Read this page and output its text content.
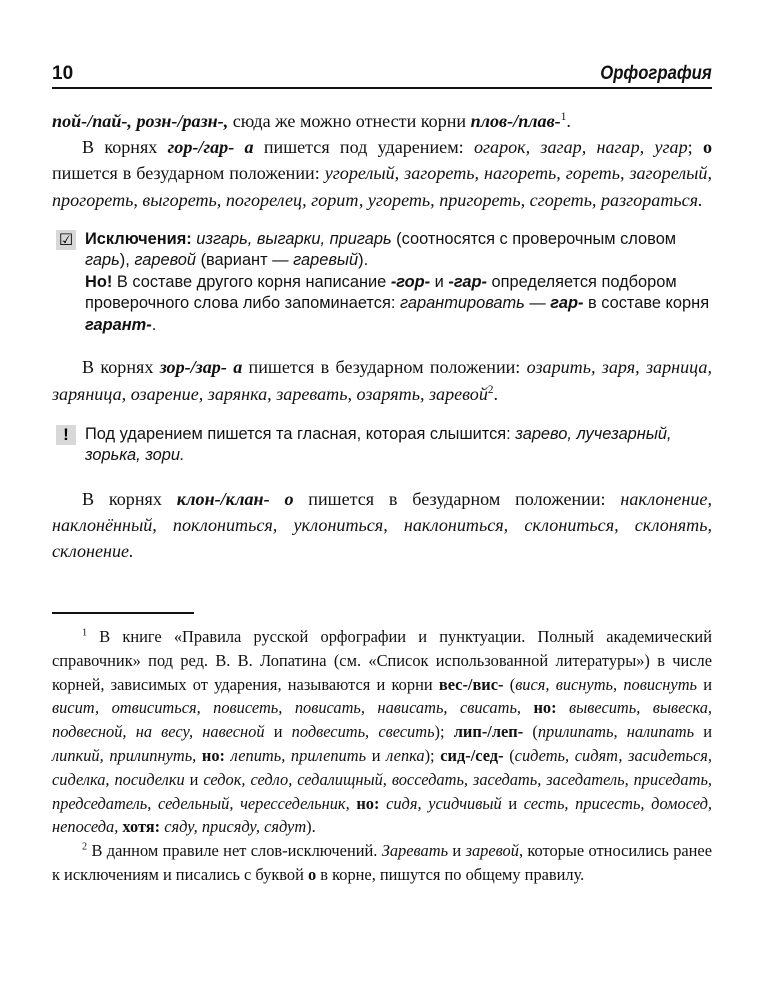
10	Орфография

пой-/пай-, розн-/разн-, сюда же можно отнести корни плов-/плав-$^1$.

В корнях гор-/гар- а пишется под ударением: огарок, загар, нагар, угар; о пишется в безударном положении: угорелый, загореть, нагореть, гореть, загорелый, прогореть, выгореть, погорелец, горит, угореть, пригореть, сгореть, разгораться.

☑ Исключения: изгарь, выгарки, пригарь (соотносятся с проверочным словом гарь), гаревой (вариант — гаревый).
Но! В составе другого корня написание -гор- и -гар- определяется подбором проверочного слова либо запоминается: гарантировать — гар- в составе корня гарант-.

В корнях зор-/зар- а пишется в безударном положении: озарить, заря, зарница, заряница, озарение, зарянка, заревать, озарять, заревой$^2$.

! Под ударением пишется та гласная, которая слышится: зарево, лучезарный, зорька, зори.

В корнях клон-/клан- о пишется в безударном положении: наклонение, наклонённый, поклониться, уклониться, наклониться, склониться, склонять, склонение.

$^1$ В книге «Правила русской орфографии и пунктуации. Полный академический справочник» под ред. В. В. Лопатина (см. «Список использованной литературы») в числе корней, зависимых от ударения, называются и корни вес-/вис- (вися, виснуть, повиснуть и висит, отвиситься, повисеть, повисать, нависать, свисать, но: вывесить, вывеска, подвесной, на весу, навесной и подвесить, свесить); лип-/леп- (прилипать, налипать и липкий, прилипнуть, но: лепить, прилепить и лепка); сид-/сед- (сидеть, сидят, засидеться, сиделка, посиделки и седок, седло, седалищный, восседать, заседать, заседатель, приседать, председатель, седельный, чересседельник, но: сидя, усидчивый и сесть, присесть, домосед, непоседа, хотя: сяду, присяду, сядут).

$^2$ В данном правиле нет слов-исключений. Заревать и заревой, которые относились ранее к исключениям и писались с буквой о в корне, пишутся по общему правилу.
